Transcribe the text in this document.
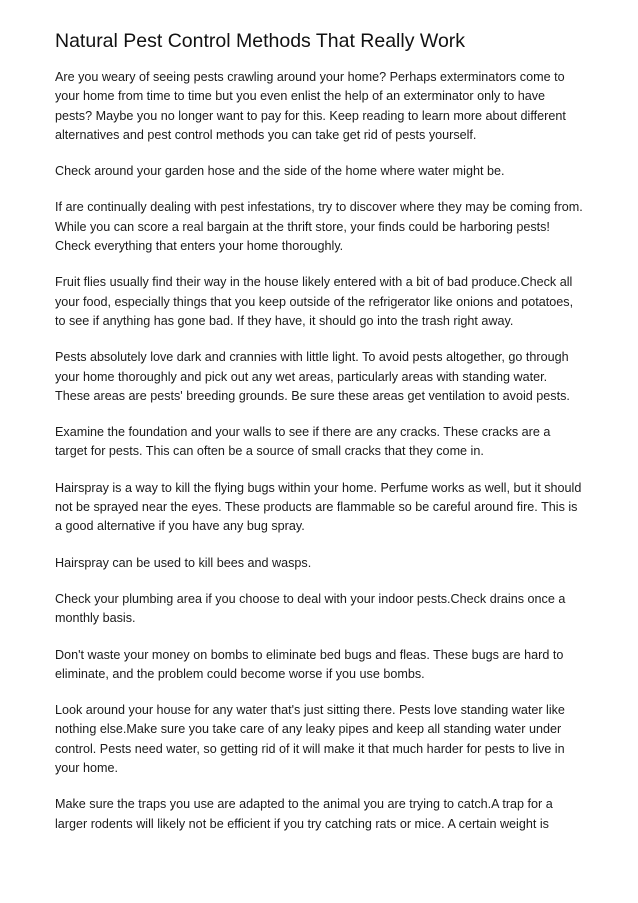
Natural Pest Control Methods That Really Work

Are you weary of seeing pests crawling around your home? Perhaps exterminators come to your home from time to time but you even enlist the help of an exterminator only to have pests? Maybe you no longer want to pay for this. Keep reading to learn more about different alternatives and pest control methods you can take get rid of pests yourself.

Check around your garden hose and the side of the home where water might be.

If are continually dealing with pest infestations, try to discover where they may be coming from. While you can score a real bargain at the thrift store, your finds could be harboring pests! Check everything that enters your home thoroughly.

Fruit flies usually find their way in the house likely entered with a bit of bad produce.Check all your food, especially things that you keep outside of the refrigerator like onions and potatoes, to see if anything has gone bad. If they have, it should go into the trash right away.

Pests absolutely love dark and crannies with little light. To avoid pests altogether, go through your home thoroughly and pick out any wet areas, particularly areas with standing water. These areas are pests' breeding grounds. Be sure these areas get ventilation to avoid pests.

Examine the foundation and your walls to see if there are any cracks. These cracks are a target for pests. This can often be a source of small cracks that they come in.

Hairspray is a way to kill the flying bugs within your home. Perfume works as well, but it should not be sprayed near the eyes. These products are flammable so be careful around fire. This is a good alternative if you have any bug spray.

Hairspray can be used to kill bees and wasps.

Check your plumbing area if you choose to deal with your indoor pests.Check drains once a monthly basis.

Don't waste your money on bombs to eliminate bed bugs and fleas. These bugs are hard to eliminate, and the problem could become worse if you use bombs.

Look around your house for any water that's just sitting there. Pests love standing water like nothing else.Make sure you take care of any leaky pipes and keep all standing water under control. Pests need water, so getting rid of it will make it that much harder for pests to live in your home.

Make sure the traps you use are adapted to the animal you are trying to catch.A trap for a larger rodents will likely not be efficient if you try catching rats or mice. A certain weight is
